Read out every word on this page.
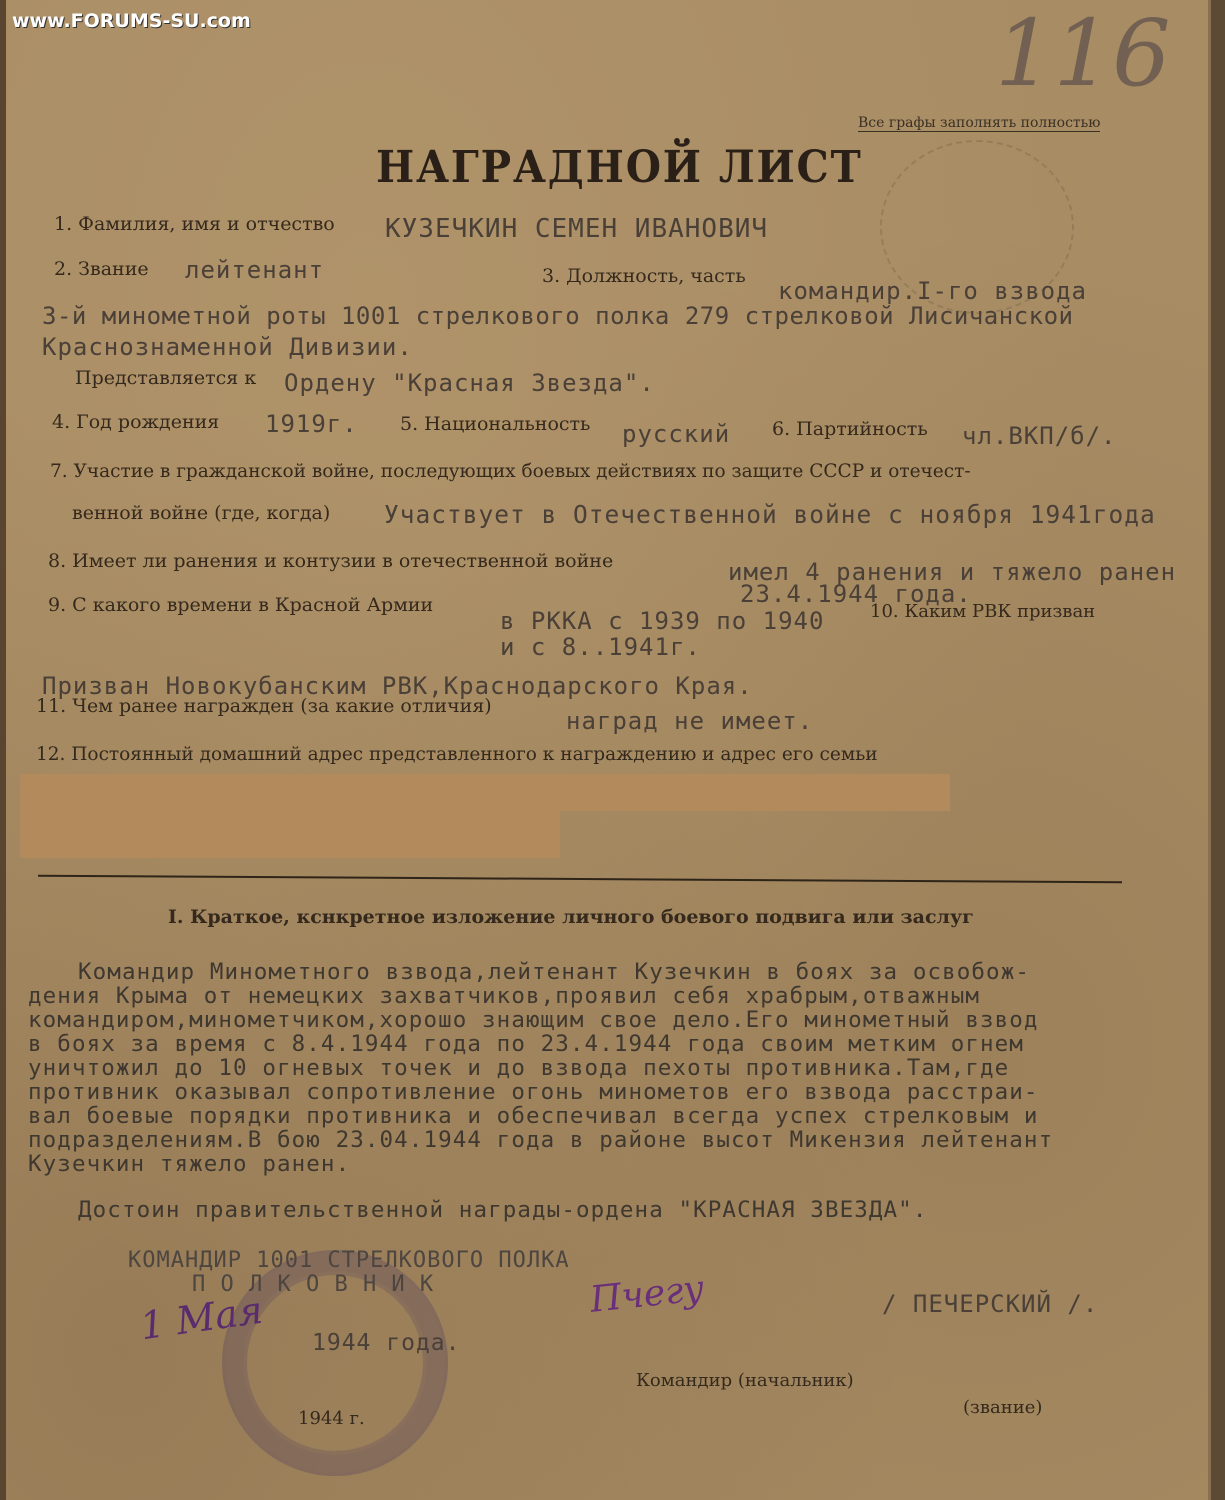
www.FORUMS-SU.com	116
Все графы заполнять полностью
НАГРАДНОЙ ЛИСТ
1. Фамилия, имя и отчество КУЗЕЧКИН СЕМЕН ИВАНОВИЧ
2. Звание лейтенант	3. Должность, часть
командир.I-го взвода
3-й минометной роты 1001 стрелкового полка 279 стрелковой Лисичанской
Краснознаменной Дивизии.
Представляется к Ордену "Красная Звезда".
4. Год рождения 1919г. 5. Национальность русский 6. Партийность чл.ВКП/б/.
7. Участие в гражданской войне, последующих боевых действиях по защите СССР и отечест-
венной войне (где, когда) Участвует в Отечественной войне с ноября 1941года
8. Имеет ли ранения и контузии в отечественной войне	имел 4 ранения и тяжело ранен
23.4.1944 года.
9. С какого времени в Красной Армии
в РККА с 1939 по 1940
и с 8..1941г.
10. Каким РВК призван
Призван Новокубанским РВК,Краснодарского Края.
11. Чем ранее награжден (за какие отличия)
наград не имеет.
12. Постоянный домашний адрес представленного к награждению и адрес его семьи
I. Краткое, кснкретное изложение личного боевого подвига или заслуг
Командир Минометного взвода,лейтенант Кузечкин в боях за освобож-
дения Крыма от немецких захватчиков,проявил себя храбрым,отважным
командиром,минометчиком,хорошо знающим свое дело.Его минометный взвод
в боях за время с 8.4.1944 года по 23.4.1944 года своим метким огнем
уничтожил до 10 огневых точек и до взвода пехоты противника.Там,где
противник оказывал сопротивление огонь минометов его взвода расстраи-
вал боевые порядки противника и обеспечивал всегда успех стрелковым и
подразделениям.В бою 23.04.1944 года в районе высот Микензия лейтенант
Кузечкин тяжело ранен.
Достоин правительственной награды-ордена "КРАСНАЯ ЗВЕЗДА".
КОМАНДИР 1001 СТРЕЛКОВОГО ПОЛКА
П О Л К О В Н И К
1 Мая 1944 года.
Пчегу	/ ПЕЧЕРСКИЙ /.
Командир (начальник)
1944 г.
(звание)
